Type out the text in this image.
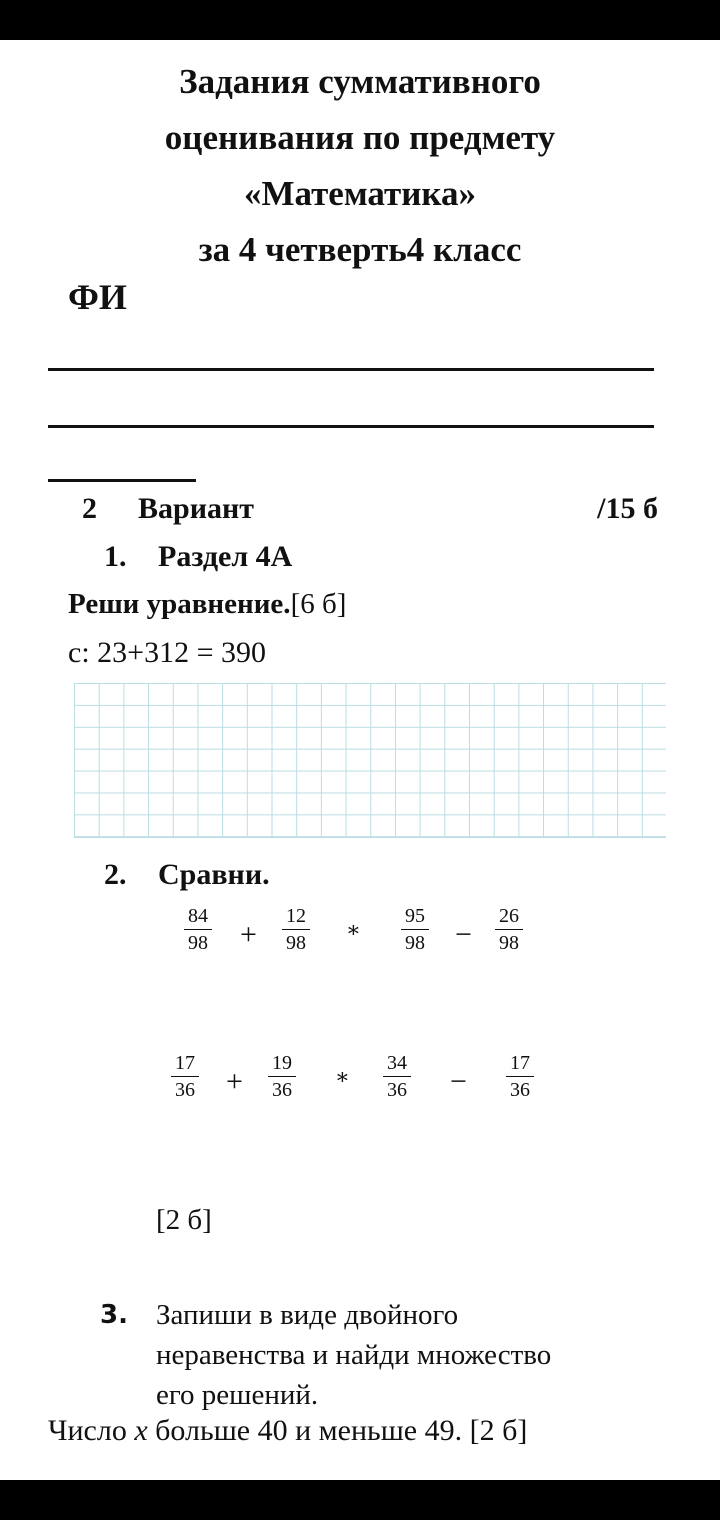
Задания суммативного
оценивания по предмету
«Математика»
за 4 четверть4 класс
ФИ
2 Вариант	/15 б
1. Раздел 4А
Реши уравнение.[6 б]
c: 23+312 = 390
2. Сравни.
$\frac{84}{98} + \frac{12}{98}$ ∗ $\frac{95}{98} - \frac{26}{98}$
$\frac{17}{36} + \frac{19}{36}$ ∗ $\frac{34}{36} - \frac{17}{36}$
[2 б]
3. Запиши в виде двойного
неравенства и найди множество
его решений.
Число x больше 40 и меньше 49. [2 б]
